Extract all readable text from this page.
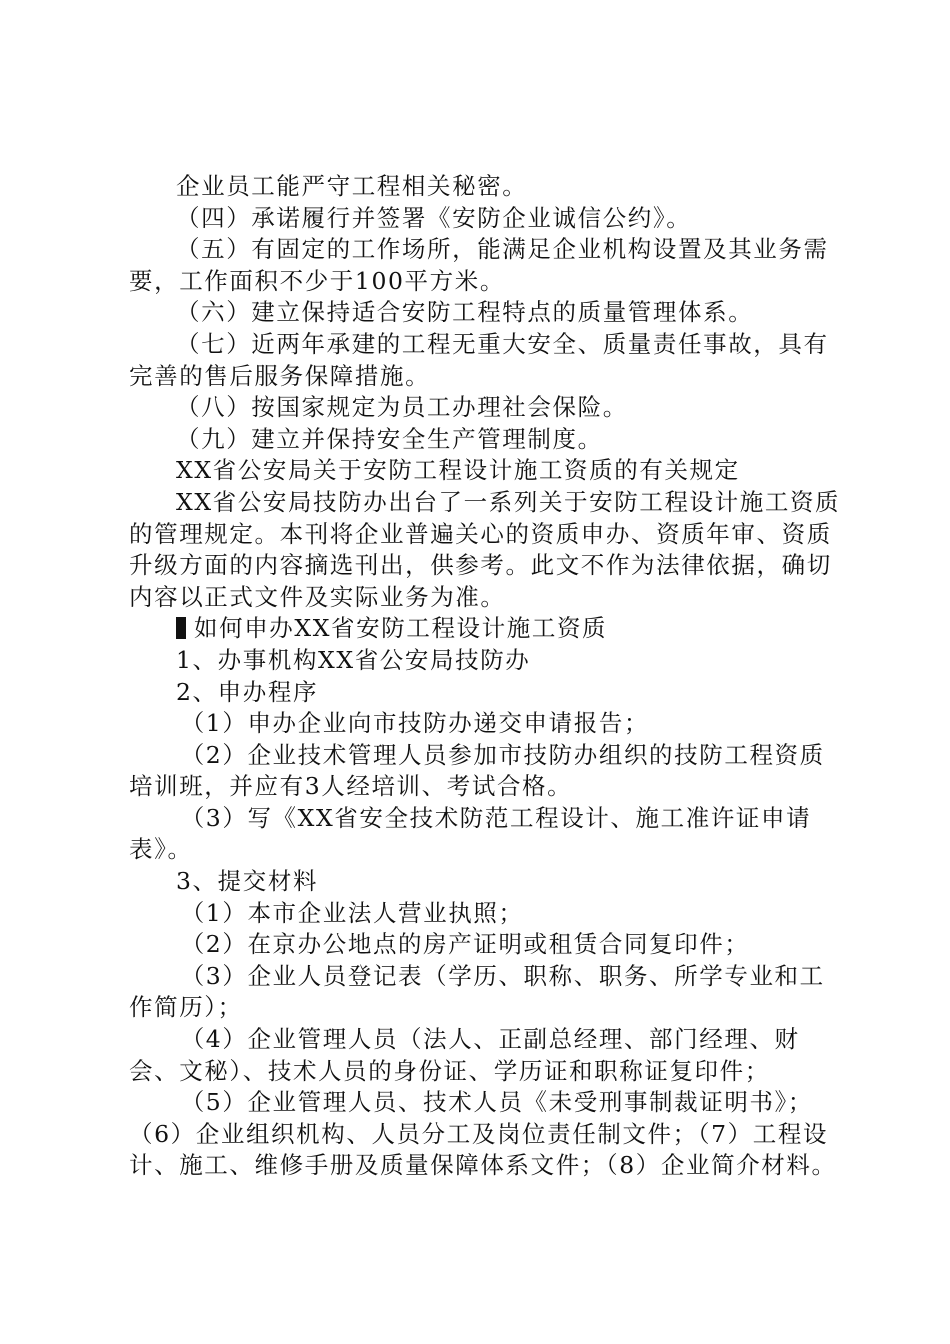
企业员工能严守工程相关秘密。

（四）承诺履行并签署《安防企业诚信公约》。

（五）有固定的工作场所，能满足企业机构设置及其业务需要，工作面积不少于100平方米。

（六）建立保持适合安防工程特点的质量管理体系。

（七）近两年承建的工程无重大安全、质量责任事故，具有完善的售后服务保障措施。

（八）按国家规定为员工办理社会保险。

（九）建立并保持安全生产管理制度。

XX省公安局关于安防工程设计施工资质的有关规定

XX省公安局技防办出台了一系列关于安防工程设计施工资质的管理规定。本刊将企业普遍关心的资质申办、资质年审、资质升级方面的内容摘选刊出，供参考。此文不作为法律依据，确切内容以正式文件及实际业务为准。

如何申办XX省安防工程设计施工资质

1、办事机构XX省公安局技防办

2、申办程序

（1）申办企业向市技防办递交申请报告；

（2）企业技术管理人员参加市技防办组织的技防工程资质培训班，并应有3人经培训、考试合格。

（3）写《XX省安全技术防范工程设计、施工准许证申请表》。

3、提交材料

（1）本市企业法人营业执照；

（2）在京办公地点的房产证明或租赁合同复印件；

（3）企业人员登记表（学历、职称、职务、所学专业和工作简历）；

（4）企业管理人员（法人、正副总经理、部门经理、财会、文秘）、技术人员的身份证、学历证和职称证复印件；

（5）企业管理人员、技术人员《未受刑事制裁证明书》；（6）企业组织机构、人员分工及岗位责任制文件；（7）工程设计、施工、维修手册及质量保障体系文件；（8）企业简介材料。
